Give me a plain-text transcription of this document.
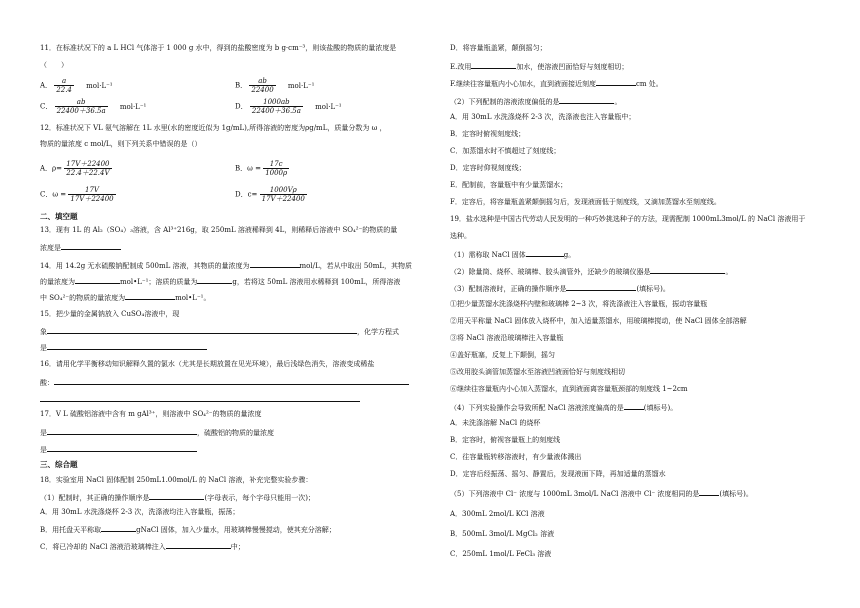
11．在标准状况下的 a L HCl 气体溶于 1 000 g 水中，得到的盐酸密度为 b g·cm⁻³，则该盐酸的物质的量浓度是
（　　）
A． $\frac{a}{22.4} mol\cdot L^{-1}$	B． $\frac{ab}{22400} mol\cdot L^{-1}$
C． $\frac{ab}{22400+36.5a} mol\cdot L^{-1}$	D． $\frac{1000ab}{22400+36.5a} mol\cdot L^{-1}$
12．标准状况下 VL 氨气溶解在 1L 水里(水的密度近似为 1g/mL),所得溶液的密度为ρg/mL，质量分数为 ω ，
物质的量浓度 c mol/L，则下列关系中错误的是（）
A．$\rho= \frac{17V+22400}{22.4+22.4V}$	B．$\omega = \frac{17c}{1000\rho}$
C．$\omega = \frac{17V}{17V+22400}$	D．$c= \frac{1000V\rho}{17V+22400}$
二、填空题
13．现有 1L 的 Al₂（SO₄）₃溶液，含 Al³⁺216g，取 250mL 溶液稀释到 4L，则稀释后溶液中 SO₄²⁻的物质的量
浓度是
14．用 14.2g 无水硫酸钠配制成 500mL 溶液，其物质的量浓度为	mol/L，若从中取出 50mL，其物质
的量浓度为	mol•L⁻¹；溶质的质量为	g，若将这 50mL 溶液用水稀释到 100mL，所得溶液
中 SO₄²⁻的物质的量浓度为	mol•L⁻¹。
15．把少量的金属钠放入 CuSO₄溶液中，现
象	，化学方程式
是
16．请用化学平衡移动知识解释久置的氯水（尤其是长期放置在见光环境），最后浅绿色消失，溶液变成稀盐
酸：
17．V L 硫酸铝溶液中含有 m gAl³⁺，则溶液中 SO₄²⁻的物质的量浓度
是	，硫酸铝的物质的量浓度
是
三、综合题
18．实验室用 NaCl 固体配制 250mL1.00mol/L 的 NaCl 溶液，补充完整实验步骤：
（1）配制时，其正确的操作顺序是	(字母表示，每个字母只能用一次)；
A．用 30mL 水洗涤烧杯 2-3 次，洗涤液均注入容量瓶，振荡；
B．用托盘天平称取	gNaCl 固体，加入少量水，用玻璃棒慢慢搅动，使其充分溶解；
C．将已冷却的 NaCl 溶液沿玻璃棒注入	中；
D．将容量瓶盖紧，颠倒摇匀；
E.改用	加水，使溶液凹面恰好与刻度相切；
F.继续往容量瓶内小心加水，直到液面接近刻度	cm 处。
（2）下列配制的溶液浓度偏低的是	。
A．用 30mL 水洗涤烧杯 2-3 次，洗涤液也注入容量瓶中；
B．定容时俯视刻度线；
C．加蒸馏水时不慎超过了刻度线；
D．定容时仰视刻度线；
E．配制前，容量瓶中有少量蒸馏水；
F．定容后，将容量瓶盖紧颠倒摇匀后，发现液面低于刻度线，又滴加蒸馏水至刻度线。
19．盐水选种是中国古代劳动人民发明的一种巧妙挑选种子的方法，现需配制 1000mL3mol/L 的 NaCl 溶液用于
选种。
（1）需称取 NaCl 固体	g。
（2）除量筒、烧杯、玻璃棒、胶头滴管外，还缺少的玻璃仪器是	。
（3）配制溶液时，正确的操作顺序是	(填标号)。
①把少量蒸馏水洗涤烧杯内壁和玻璃棒 2~3 次，将洗涤液注入容量瓶，振动容量瓶
②用天平称量 NaCl 固体放入烧杯中，加入适量蒸馏水，用玻璃棒搅动，使 NaCl 固体全部溶解
③将 NaCl 溶液沿玻璃棒注入容量瓶
④盖好瓶塞，反复上下颠倒，摇匀
⑤改用胶头滴管加蒸馏水至溶液凹液面恰好与刻度线相切
⑥继续往容量瓶内小心加入蒸馏水，直到液面离容量瓶颈部的刻度线 1~2cm
（4）下列实验操作会导致所配 NaCl 溶液浓度偏高的是	(填标号)。
A．未洗涤溶解 NaCl 的烧杯
B．定容时，俯视容量瓶上的刻度线
C．往容量瓶转移溶液时，有少量液体溅出
D．定容后经振荡、摇匀、静置后，发现液面下降，再加适量的蒸馏水
（5）下列溶液中 Cl⁻ 浓度与 1000mL 3mol/L NaCl 溶液中 Cl⁻ 浓度相同的是	(填标号)。
A．300mL 2mol/L KCl 溶液
B．500mL 3mol/L MgCl₂ 溶液
C．250mL 1mol/L FeCl₃ 溶液
